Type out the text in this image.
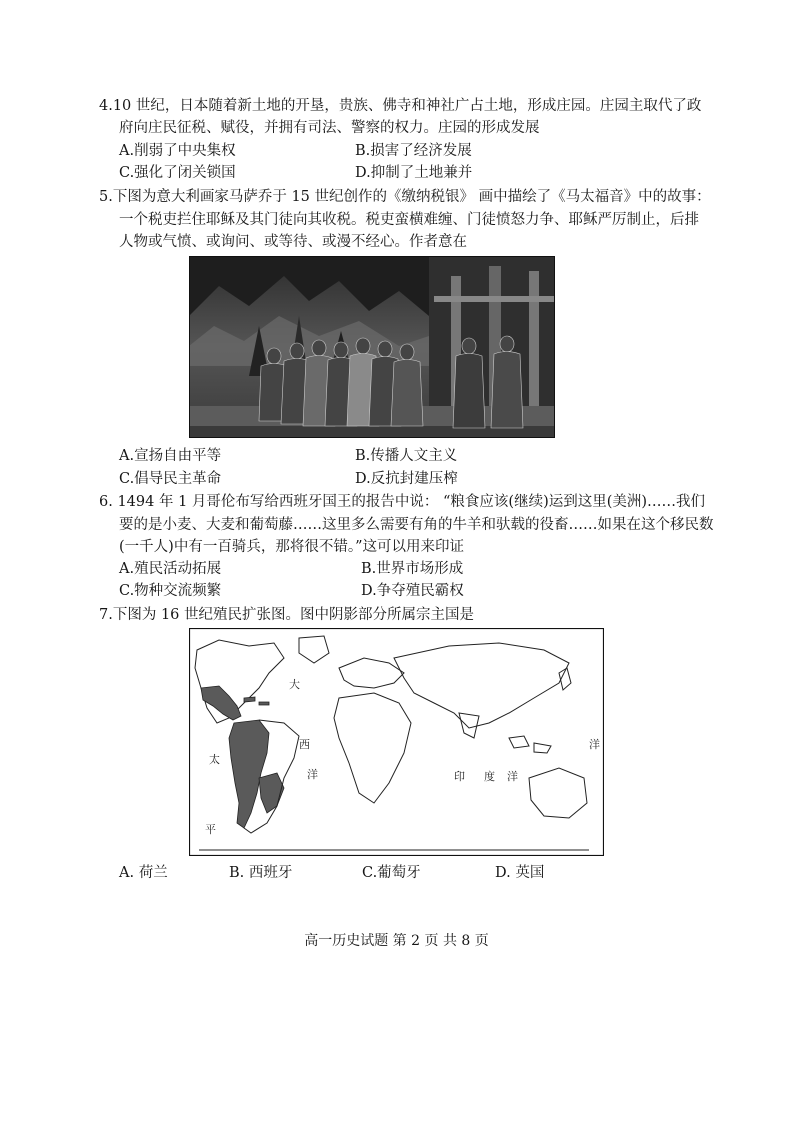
4.10 世纪，日本随着新土地的开垦，贵族、佛寺和神社广占土地，形成庄园。庄园主取代了政
府向庄民征税、赋役，并拥有司法、警察的权力。庄园的形成发展
A.削弱了中央集权	B.损害了经济发展
C.强化了闭关锁国	D.抑制了土地兼并
5.下图为意大利画家马萨乔于 15 世纪创作的《缴纳税银》 画中描绘了《马太福音》中的故事：
一个税吏拦住耶稣及其门徒向其收税。税吏蛮横难缠、门徒愤怒力争、耶稣严厉制止，后排
人物或气愤、或询问、或等待、或漫不经心。作者意在
A.宣扬自由平等	B.传播人文主义
C.倡导民主革命	D.反抗封建压榨
6. 1494 年 1 月哥伦布写给西班牙国王的报告中说： “粮食应该(继续)运到这里(美洲)……我们
要的是小麦、大麦和葡萄藤……这里多么需要有角的牛羊和驮载的役畜……如果在这个移民数
(一千人)中有一百骑兵，那将很不错。”这可以用来印证
A.殖民活动拓展	B.世界市场形成
C.物种交流频繁	D.争夺殖民霸权
7.下图为 16 世纪殖民扩张图。图中阴影部分所属宗主国是
大
西
洋	印 度 洋
太
平
洋
A. 荷兰	B. 西班牙	C.葡萄牙	D. 英国
高一历史试题 第 2 页 共 8 页
